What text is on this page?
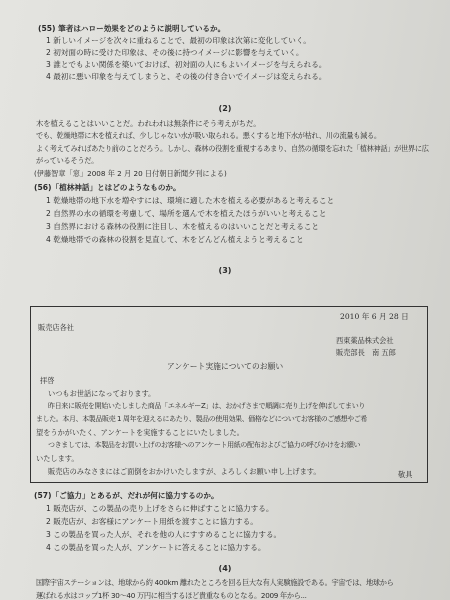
(55) 筆者はハロー効果をどのように説明しているか。
1 新しいイメージを次々に重ねることで、最初の印象は次第に変化していく。
2 初対面の時に受けた印象は、その後に持つイメージに影響を与えていく。
3 誰とでもよい関係を築いておけば、初対面の人にもよいイメージを与えられる。
4 最初に悪い印象を与えてしまうと、その後の付き合いでイメージは変えられる。
(2)
木を植えることはいいことだ。われわれは無条件にそう考えがちだ。
でも、乾燥地帯に木を植えれば、少しじゃない水が吸い取られる。悪くすると地下水が枯れ、川の流量も減る。
よく考えてみればあたり前のことだろう。しかし、森林の役割を重視するあまり、自然の循環を忘れた「植林神話」が世界に広がっているそうだ。
(伊藤智章「窓」2008 年 2 月 20 日付朝日新聞夕刊による)
(56)「植林神話」とはどのようなものか。
1 乾燥地帯の地下水を増やすには、環境に適した木を植える必要があると考えること
2 自然界の水の循環を考慮して、場所を選んで木を植えたほうがいいと考えること
3 自然界における森林の役割に注目し、木を植えるのはいいことだと考えること
4 乾燥地帯での森林の役割を見直して、木をどんどん植えようと考えること
(3)
2010 年 6 月 28 日
販売店各社
西東薬品株式会社
販売部長　南 五郎
アンケート実施についてのお願い
拝啓
いつもお世話になっております。
昨日来に販売を開始いたしました商品「エネルギーZ」は、おかげさまで順調に売り上げを伸ばしてまいり
ました。本月、本製品販売 1 周年を迎えるにあたり、製品の使用効果、価格などについてお客様のご感想やご希
望をうかがいたく、アンケートを実施することにいたしました。
つきましては、本製品をお買い上げのお客様へのアンケート用紙の配布およびご協力の呼びかけをお願い
いたします。
販売店のみなさまにはご面倒をおかけいたしますが、よろしくお願い申し上げます。	敬具
(57)「ご協力」とあるが、だれが何に協力するのか。
1 販売店が、この製品の売り上げをさらに伸ばすことに協力する。
2 販売店が、お客様にアンケート用紙を渡すことに協力する。
3 この製品を買った人が、それを他の人にすすめることに協力する。
4 この製品を買った人が、アンケートに答えることに協力する。
(4)
国際宇宙ステーションは、地球から約 400km 離れたところを回る巨大な有人実験施設である。宇宙では、地球から
運ばれる水はコップ1杯 30～40 万円に相当するほど貴重なものとなる。2009 年から...
